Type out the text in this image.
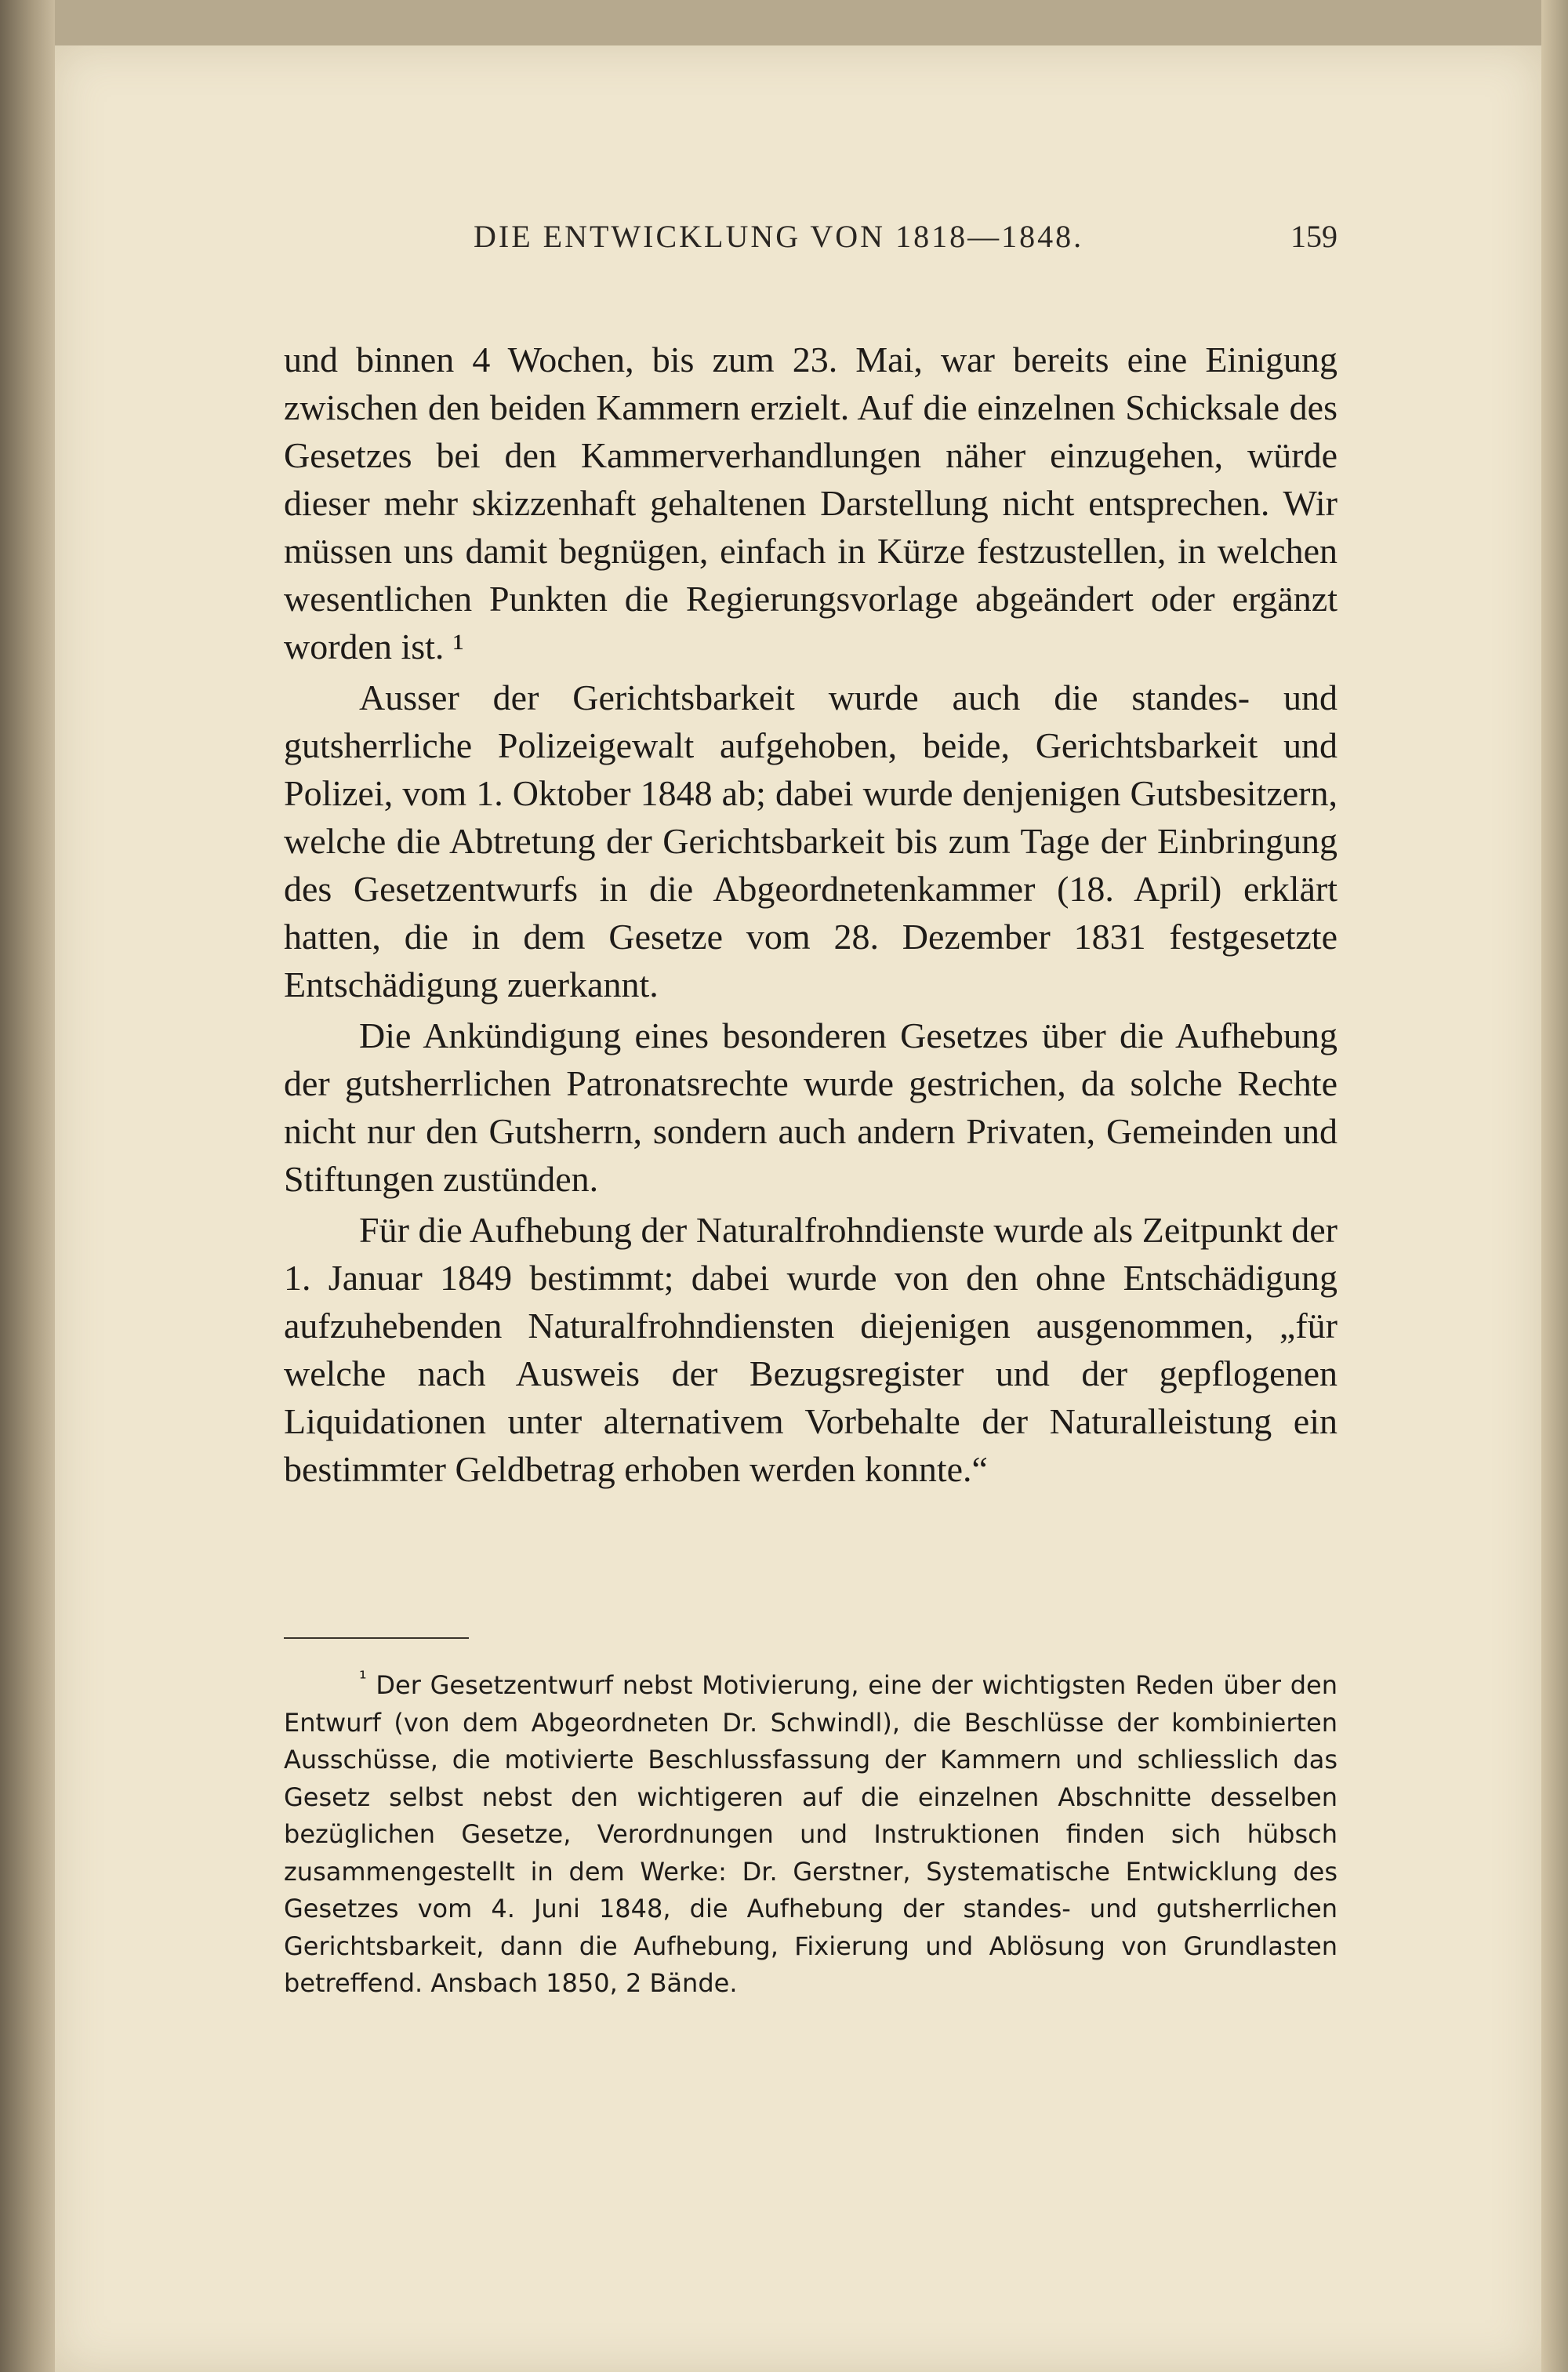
DIE ENTWICKLUNG VON 1818—1848.	159

und binnen 4 Wochen, bis zum 23. Mai, war bereits eine Einigung zwischen den beiden Kammern erzielt. Auf die einzelnen Schicksale des Gesetzes bei den Kammerverhandlungen näher einzugehen, würde dieser mehr skizzenhaft gehaltenen Darstellung nicht entsprechen. Wir müssen uns damit begnügen, einfach in Kürze festzustellen, in welchen wesentlichen Punkten die Regierungsvorlage abgeändert oder ergänzt worden ist. ¹

Ausser der Gerichtsbarkeit wurde auch die standes- und gutsherrliche Polizeigewalt aufgehoben, beide, Gerichtsbarkeit und Polizei, vom 1. Oktober 1848 ab; dabei wurde denjenigen Gutsbesitzern, welche die Abtretung der Gerichtsbarkeit bis zum Tage der Einbringung des Gesetzentwurfs in die Abgeordnetenkammer (18. April) erklärt hatten, die in dem Gesetze vom 28. Dezember 1831 festgesetzte Entschädigung zuerkannt.

Die Ankündigung eines besonderen Gesetzes über die Aufhebung der gutsherrlichen Patronatsrechte wurde gestrichen, da solche Rechte nicht nur den Gutsherrn, sondern auch andern Privaten, Gemeinden und Stiftungen zustünden.

Für die Aufhebung der Naturalfrohndienste wurde als Zeitpunkt der 1. Januar 1849 bestimmt; dabei wurde von den ohne Entschädigung aufzuhebenden Naturalfrohndiensten diejenigen ausgenommen, „für welche nach Ausweis der Bezugsregister und der gepflogenen Liquidationen unter alternativem Vorbehalte der Naturalleistung ein bestimmter Geldbetrag erhoben werden konnte.“

$^{^1}$ Der Gesetzentwurf nebst Motivierung, eine der wichtigsten Reden über den Entwurf (von dem Abgeordneten Dr. Schwindl), die Beschlüsse der kombinierten Ausschüsse, die motivierte Beschlussfassung der Kammern und schliesslich das Gesetz selbst nebst den wichtigeren auf die einzelnen Abschnitte desselben bezüglichen Gesetze, Verordnungen und Instruktionen finden sich hübsch zusammengestellt in dem Werke: Dr. Gerstner, Systematische Entwicklung des Gesetzes vom 4. Juni 1848, die Aufhebung der standes- und gutsherrlichen Gerichtsbarkeit, dann die Aufhebung, Fixierung und Ablösung von Grundlasten betreffend. Ansbach 1850, 2 Bände.
